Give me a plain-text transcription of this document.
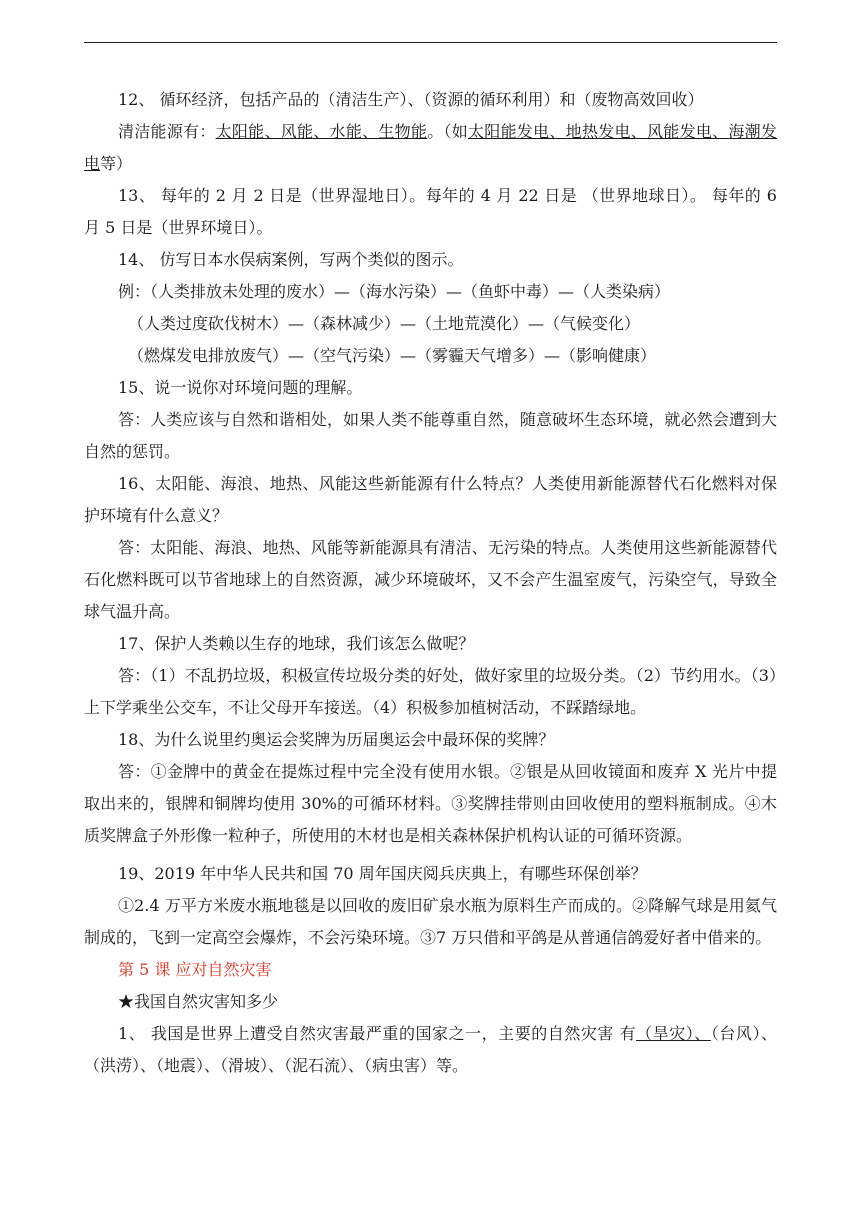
12、 循环经济，包括产品的（清洁生产）、（资源的循环利用）和（废物高效回收）

清洁能源有：太阳能、风能、水能、生物能。（如太阳能发电、地热发电、风能发电、海潮发电等）

13、 每年的 2 月 2 日是（世界湿地日）。每年的 4 月 22 日是 （世界地球日）。 每年的 6 月 5 日是（世界环境日）。

14、 仿写日本水俣病案例，写两个类似的图示。

例：（人类排放未处理的废水）—（海水污染）—（鱼虾中毒）—（人类染病）

（人类过度砍伐树木）—（森林减少）—（土地荒漠化）—（气候变化）

（燃煤发电排放废气）—（空气污染）—（雾霾天气增多）—（影响健康）

15、说一说你对环境问题的理解。

答：人类应该与自然和谐相处，如果人类不能尊重自然，随意破坏生态环境，就必然会遭到大自然的惩罚。

16、太阳能、海浪、地热、风能这些新能源有什么特点？人类使用新能源替代石化燃料对保护环境有什么意义？

答：太阳能、海浪、地热、风能等新能源具有清洁、无污染的特点。人类使用这些新能源替代石化燃料既可以节省地球上的自然资源，减少环境破坏，又不会产生温室废气，污染空气，导致全球气温升高。

17、保护人类赖以生存的地球，我们该怎么做呢？

答：（1）不乱扔垃圾，积极宣传垃圾分类的好处，做好家里的垃圾分类。（2）节约用水。（3）上下学乘坐公交车，不让父母开车接送。（4）积极参加植树活动，不踩踏绿地。

18、为什么说里约奥运会奖牌为历届奥运会中最环保的奖牌？

答：①金牌中的黄金在提炼过程中完全没有使用水银。②银是从回收镜面和废弃 X 光片中提取出来的，银牌和铜牌均使用 30%的可循环材料。③奖牌挂带则由回收使用的塑料瓶制成。④木质奖牌盒子外形像一粒种子，所使用的木材也是相关森林保护机构认证的可循环资源。

19、2019 年中华人民共和国 70 周年国庆阅兵庆典上，有哪些环保创举？

①2.4 万平方米废水瓶地毯是以回收的废旧矿泉水瓶为原料生产而成的。②降解气球是用氦气制成的，飞到一定高空会爆炸，不会污染环境。③7 万只借和平鸽是从普通信鸽爱好者中借来的。

第 5 课 应对自然灾害

★我国自然灾害知多少

1、 我国是世界上遭受自然灾害最严重的国家之一，主要的自然灾害 有（旱灾）、（台风）、（洪涝）、（地震）、（滑坡）、（泥石流）、（病虫害）等。
